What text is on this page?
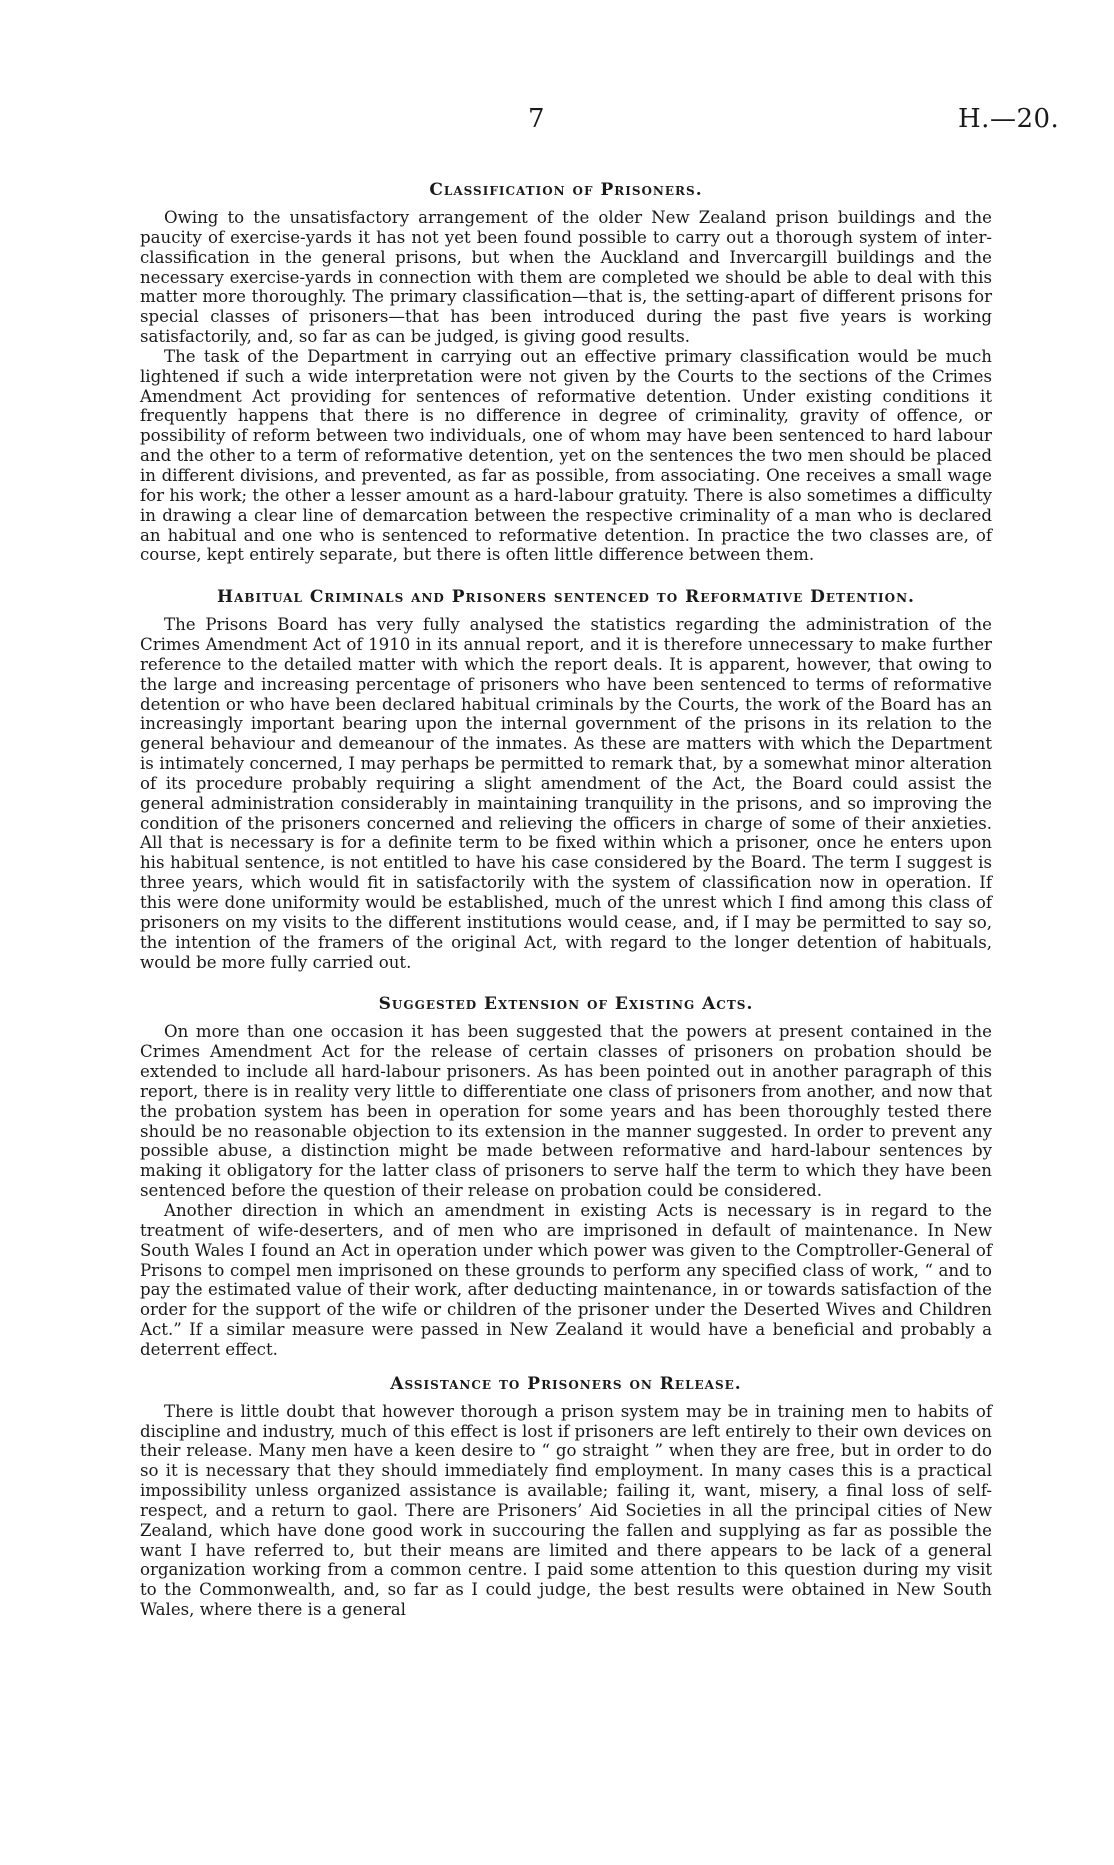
7	H.—20.
Classification of Prisoners.

Owing to the unsatisfactory arrangement of the older New Zealand prison buildings and the paucity of exercise-yards it has not yet been found possible to carry out a thorough system of inter-classification in the general prisons, but when the Auckland and Invercargill buildings and the necessary exercise-yards in connection with them are completed we should be able to deal with this matter more thoroughly. The primary classification—that is, the setting-apart of different prisons for special classes of prisoners—that has been introduced during the past five years is working satisfactorily, and, so far as can be judged, is giving good results.

The task of the Department in carrying out an effective primary classification would be much lightened if such a wide interpretation were not given by the Courts to the sections of the Crimes Amendment Act providing for sentences of reformative detention. Under existing conditions it frequently happens that there is no difference in degree of criminality, gravity of offence, or possibility of reform between two individuals, one of whom may have been sentenced to hard labour and the other to a term of reformative detention, yet on the sentences the two men should be placed in different divisions, and prevented, as far as possible, from associating. One receives a small wage for his work; the other a lesser amount as a hard-labour gratuity. There is also sometimes a difficulty in drawing a clear line of demarcation between the respective criminality of a man who is declared an habitual and one who is sentenced to reformative detention. In practice the two classes are, of course, kept entirely separate, but there is often little difference between them.

Habitual Criminals and Prisoners sentenced to Reformative Detention.

The Prisons Board has very fully analysed the statistics regarding the administration of the Crimes Amendment Act of 1910 in its annual report, and it is therefore unnecessary to make further reference to the detailed matter with which the report deals. It is apparent, however, that owing to the large and increasing percentage of prisoners who have been sentenced to terms of reformative detention or who have been declared habitual criminals by the Courts, the work of the Board has an increasingly important bearing upon the internal government of the prisons in its relation to the general behaviour and demeanour of the inmates. As these are matters with which the Department is intimately concerned, I may perhaps be permitted to remark that, by a somewhat minor alteration of its procedure probably requiring a slight amendment of the Act, the Board could assist the general administration considerably in maintaining tranquility in the prisons, and so improving the condition of the prisoners concerned and relieving the officers in charge of some of their anxieties. All that is necessary is for a definite term to be fixed within which a prisoner, once he enters upon his habitual sentence, is not entitled to have his case considered by the Board. The term I suggest is three years, which would fit in satisfactorily with the system of classification now in operation. If this were done uniformity would be established, much of the unrest which I find among this class of prisoners on my visits to the different institutions would cease, and, if I may be permitted to say so, the intention of the framers of the original Act, with regard to the longer detention of habituals, would be more fully carried out.

Suggested Extension of Existing Acts.

On more than one occasion it has been suggested that the powers at present contained in the Crimes Amendment Act for the release of certain classes of prisoners on probation should be extended to include all hard-labour prisoners. As has been pointed out in another paragraph of this report, there is in reality very little to differentiate one class of prisoners from another, and now that the probation system has been in operation for some years and has been thoroughly tested there should be no reasonable objection to its extension in the manner suggested. In order to prevent any possible abuse, a distinction might be made between reformative and hard-labour sentences by making it obligatory for the latter class of prisoners to serve half the term to which they have been sentenced before the question of their release on probation could be considered.

Another direction in which an amendment in existing Acts is necessary is in regard to the treatment of wife-deserters, and of men who are imprisoned in default of maintenance. In New South Wales I found an Act in operation under which power was given to the Comptroller-General of Prisons to compel men imprisoned on these grounds to perform any specified class of work, “ and to pay the estimated value of their work, after deducting maintenance, in or towards satisfaction of the order for the support of the wife or children of the prisoner under the Deserted Wives and Children Act.” If a similar measure were passed in New Zealand it would have a beneficial and probably a deterrent effect.

Assistance to Prisoners on Release.

There is little doubt that however thorough a prison system may be in training men to habits of discipline and industry, much of this effect is lost if prisoners are left entirely to their own devices on their release. Many men have a keen desire to “ go straight ” when they are free, but in order to do so it is necessary that they should immediately find employment. In many cases this is a practical impossibility unless organized assistance is available; failing it, want, misery, a final loss of self-respect, and a return to gaol. There are Prisoners’ Aid Societies in all the principal cities of New Zealand, which have done good work in succouring the fallen and supplying as far as possible the want I have referred to, but their means are limited and there appears to be lack of a general organization working from a common centre. I paid some attention to this question during my visit to the Commonwealth, and, so far as I could judge, the best results were obtained in New South Wales, where there is a general
